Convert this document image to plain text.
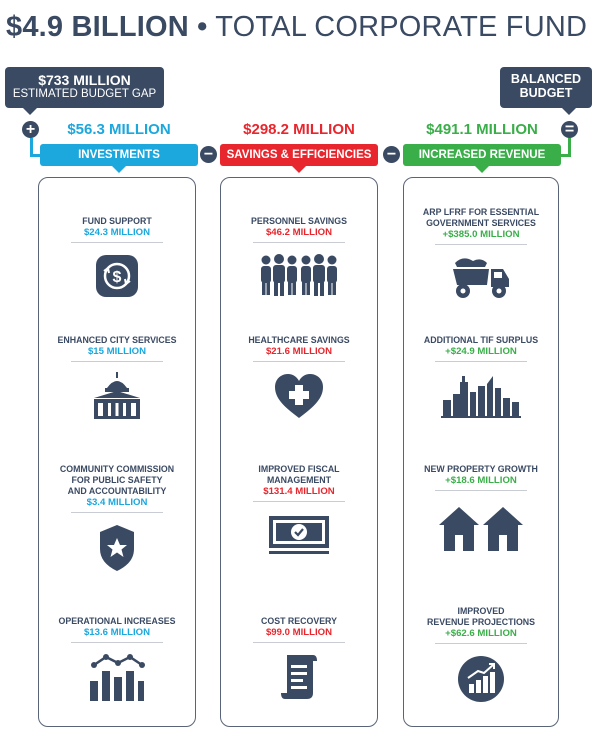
$4.9 BILLION • TOTAL CORPORATE FUND
$733 MILLION
ESTIMATED BUDGET GAP
BALANCED
BUDGET
+
−	−
=
$56.3 MILLION	$298.2 MILLION	$491.1 MILLION
INVESTMENTS	SAVINGS & EFFICIENCIES	INCREASED REVENUE
FUND SUPPORT
$24.3 MILLION
$
ENHANCED CITY SERVICES
$15 MILLION
COMMUNITY COMMISSION
FOR PUBLIC SAFETY
AND ACCOUNTABILITY
$3.4 MILLION
OPERATIONAL INCREASES
$13.6 MILLION
PERSONNEL SAVINGS
$46.2 MILLION
HEALTHCARE SAVINGS
$21.6 MILLION
IMPROVED FISCAL
MANAGEMENT
$131.4 MILLION
COST RECOVERY
$99.0 MILLION
ARP LFRF FOR ESSENTIAL
GOVERNMENT SERVICES
+$385.0 MILLION
ADDITIONAL TIF SURPLUS
+$24.9 MILLION
NEW PROPERTY GROWTH
+$18.6 MILLION
IMPROVED
REVENUE PROJECTIONS
+$62.6 MILLION
